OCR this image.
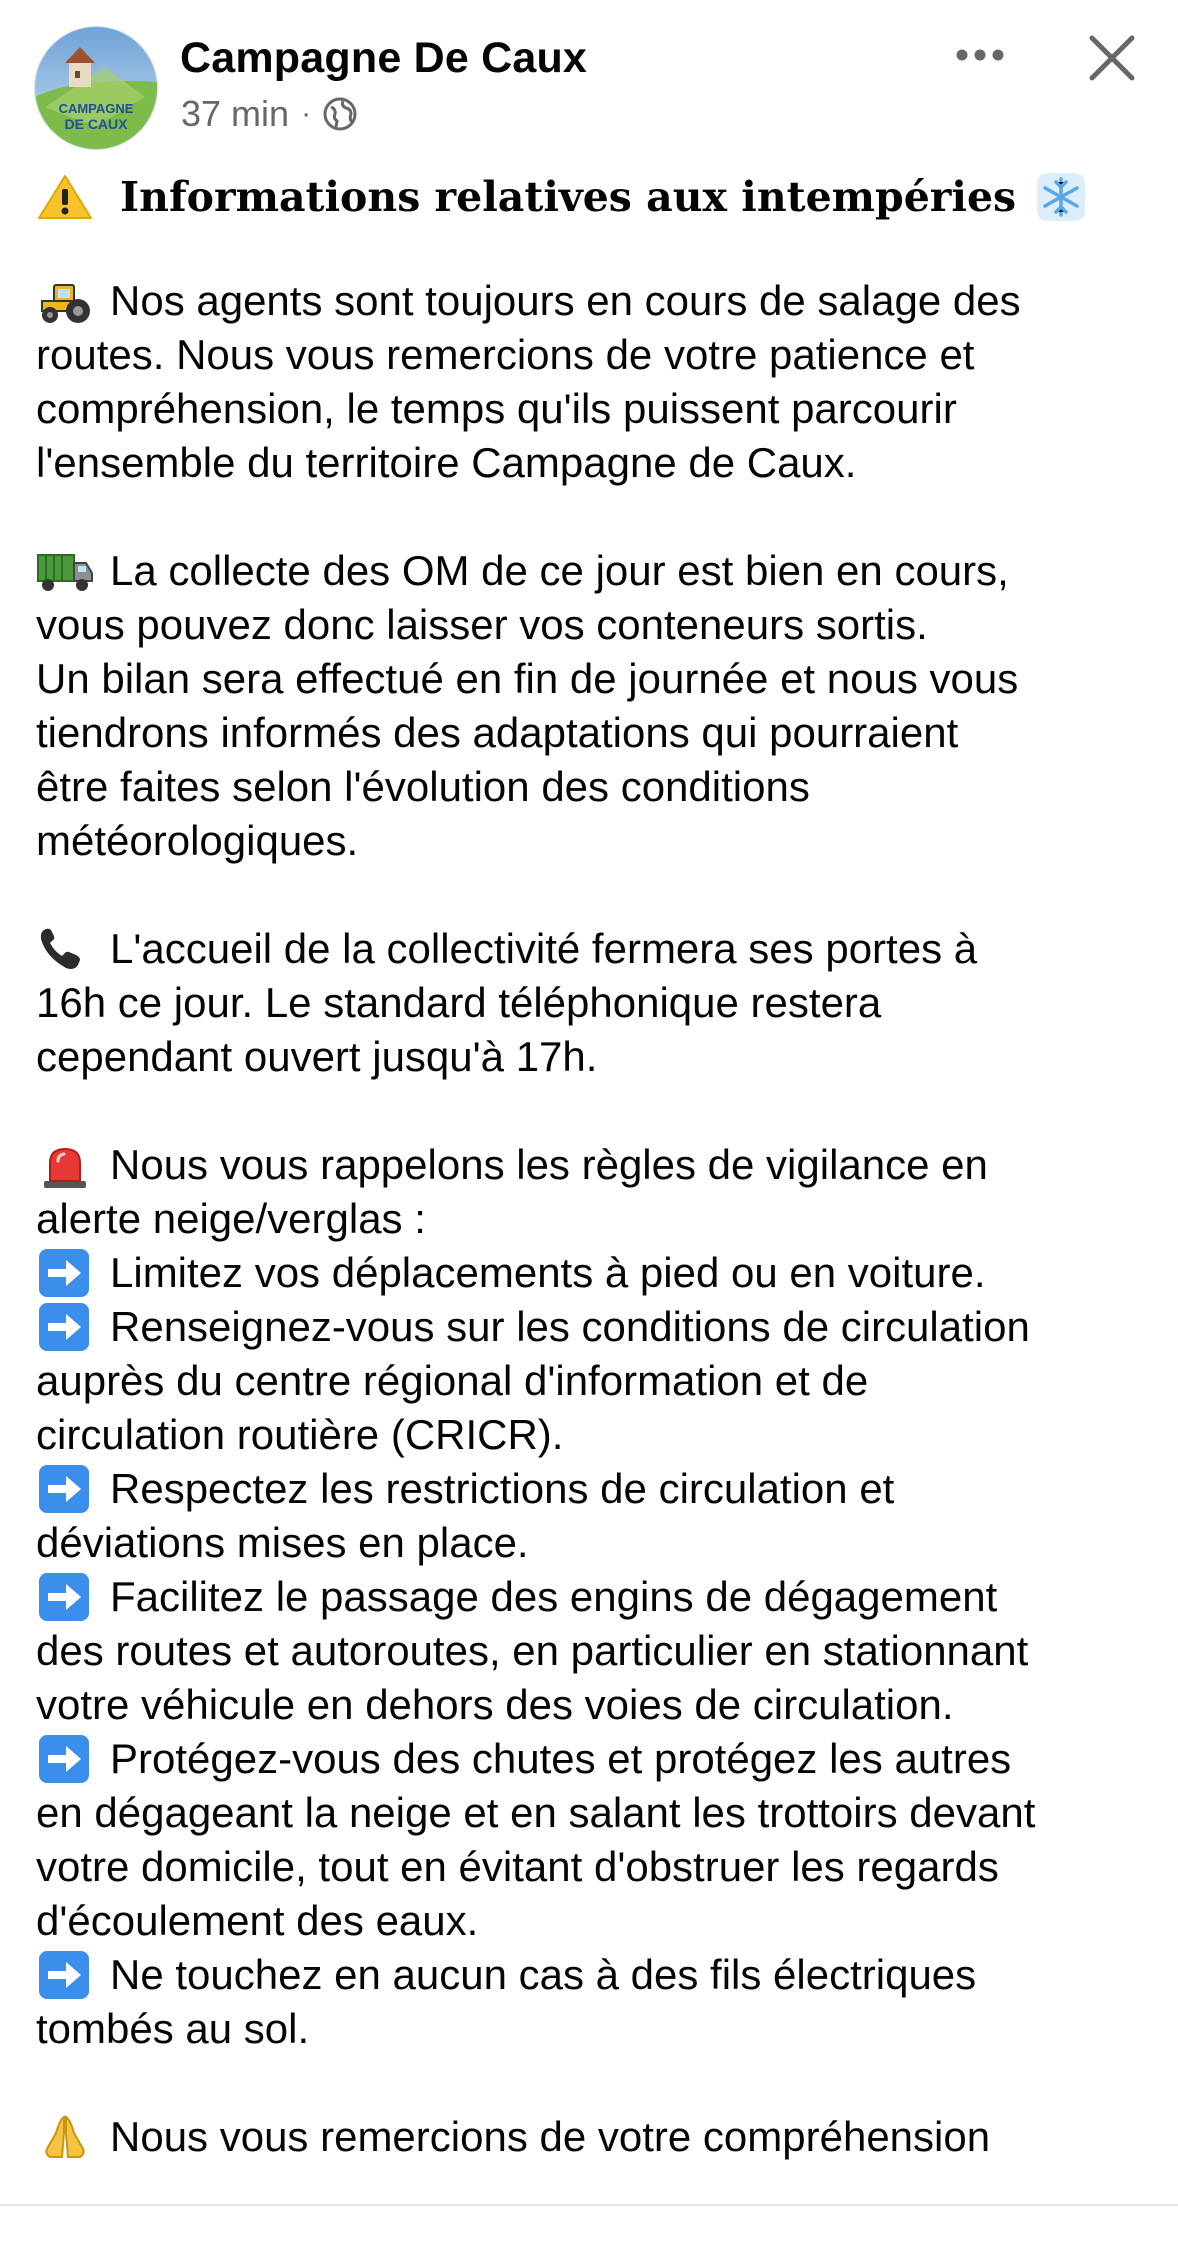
CAMPAGNE
DE CAUX
Campagne De Caux
37 min ·
Informations relatives aux intempéries
Nos agents sont toujours en cours de salage des
routes. Nous vous remercions de votre patience et
compréhension, le temps qu'ils puissent parcourir
l'ensemble du territoire Campagne de Caux.
La collecte des OM de ce jour est bien en cours,
vous pouvez donc laisser vos conteneurs sortis.
Un bilan sera effectué en fin de journée et nous vous
tiendrons informés des adaptations qui pourraient
être faites selon l'évolution des conditions
météorologiques.
L'accueil de la collectivité fermera ses portes à
16h ce jour. Le standard téléphonique restera
cependant ouvert jusqu'à 17h.
Nous vous rappelons les règles de vigilance en
alerte neige/verglas :
Limitez vos déplacements à pied ou en voiture.
Renseignez-vous sur les conditions de circulation
auprès du centre régional d'information et de
circulation routière (CRICR).
Respectez les restrictions de circulation et
déviations mises en place.
Facilitez le passage des engins de dégagement
des routes et autoroutes, en particulier en stationnant
votre véhicule en dehors des voies de circulation.
Protégez-vous des chutes et protégez les autres
en dégageant la neige et en salant les trottoirs devant
votre domicile, tout en évitant d'obstruer les regards
d'écoulement des eaux.
Ne touchez en aucun cas à des fils électriques
tombés au sol.
Nous vous remercions de votre compréhension
